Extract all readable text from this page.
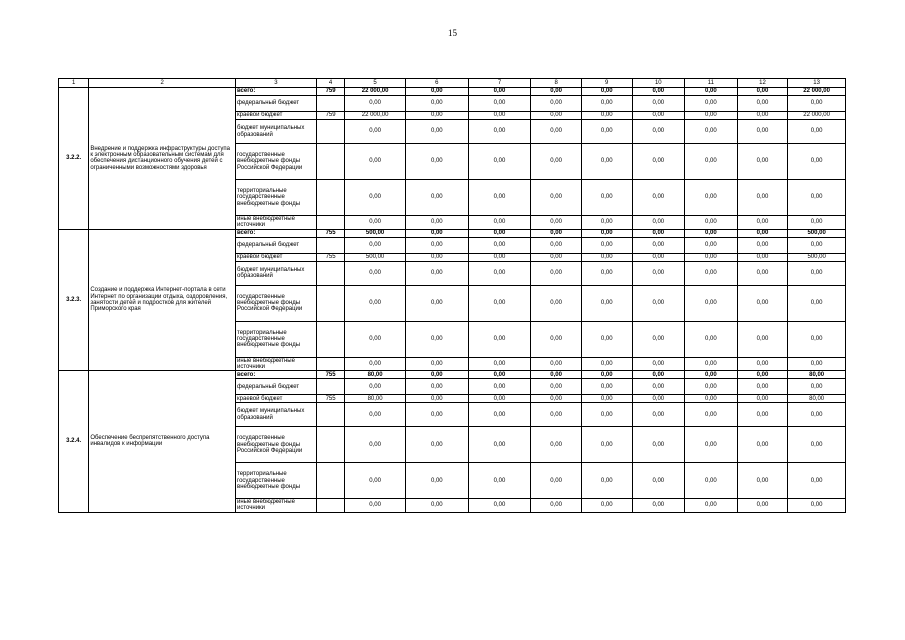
15
1	2	3	4	5	6	7	8	9	10	11	12	13
3.2.2.	Внедрение и поддержка инфраструктуры доступа к электронным образовательным системам для обеспечения дистанционного обучения детей с ограниченными возможностями здоровья	всего:	759	22 000,00	0,00	0,00	0,00	0,00	0,00	0,00	0,00	22 000,00
		федеральный бюджет		0,00	0,00	0,00	0,00	0,00	0,00	0,00	0,00	0,00
		краевой бюджет	759	22 000,00	0,00	0,00	0,00	0,00	0,00	0,00	0,00	22 000,00
		бюджет муниципальных образований		0,00	0,00	0,00	0,00	0,00	0,00	0,00	0,00	0,00
		государственные внебюджетные фонды Российской Федерации		0,00	0,00	0,00	0,00	0,00	0,00	0,00	0,00	0,00
		территориальные государственные внебюджетные фонды		0,00	0,00	0,00	0,00	0,00	0,00	0,00	0,00	0,00
		иные внебюджетные источники		0,00	0,00	0,00	0,00	0,00	0,00	0,00	0,00	0,00
3.2.3.	Создание и поддержка Интернет-портала в сети Интернет по организации отдыха, оздоровления, занятости детей и подростков для жителей Приморского края	всего:	755	500,00	0,00	0,00	0,00	0,00	0,00	0,00	0,00	500,00
		федеральный бюджет		0,00	0,00	0,00	0,00	0,00	0,00	0,00	0,00	0,00
		краевой бюджет	755	500,00	0,00	0,00	0,00	0,00	0,00	0,00	0,00	500,00
		бюджет муниципальных образований		0,00	0,00	0,00	0,00	0,00	0,00	0,00	0,00	0,00
		государственные внебюджетные фонды Российской Федерации		0,00	0,00	0,00	0,00	0,00	0,00	0,00	0,00	0,00
		территориальные государственные внебюджетные фонды		0,00	0,00	0,00	0,00	0,00	0,00	0,00	0,00	0,00
		иные внебюджетные источники		0,00	0,00	0,00	0,00	0,00	0,00	0,00	0,00	0,00
3.2.4.	Обеспечение беспрепятственного доступа инвалидов к информации	всего:	755	80,00	0,00	0,00	0,00	0,00	0,00	0,00	0,00	80,00
		федеральный бюджет		0,00	0,00	0,00	0,00	0,00	0,00	0,00	0,00	0,00
		краевой бюджет	755	80,00	0,00	0,00	0,00	0,00	0,00	0,00	0,00	80,00
		бюджет муниципальных образований		0,00	0,00	0,00	0,00	0,00	0,00	0,00	0,00	0,00
		государственные внебюджетные фонды Российской Федерации		0,00	0,00	0,00	0,00	0,00	0,00	0,00	0,00	0,00
		территориальные государственные внебюджетные фонды		0,00	0,00	0,00	0,00	0,00	0,00	0,00	0,00	0,00
		иные внебюджетные источники		0,00	0,00	0,00	0,00	0,00	0,00	0,00	0,00	0,00
